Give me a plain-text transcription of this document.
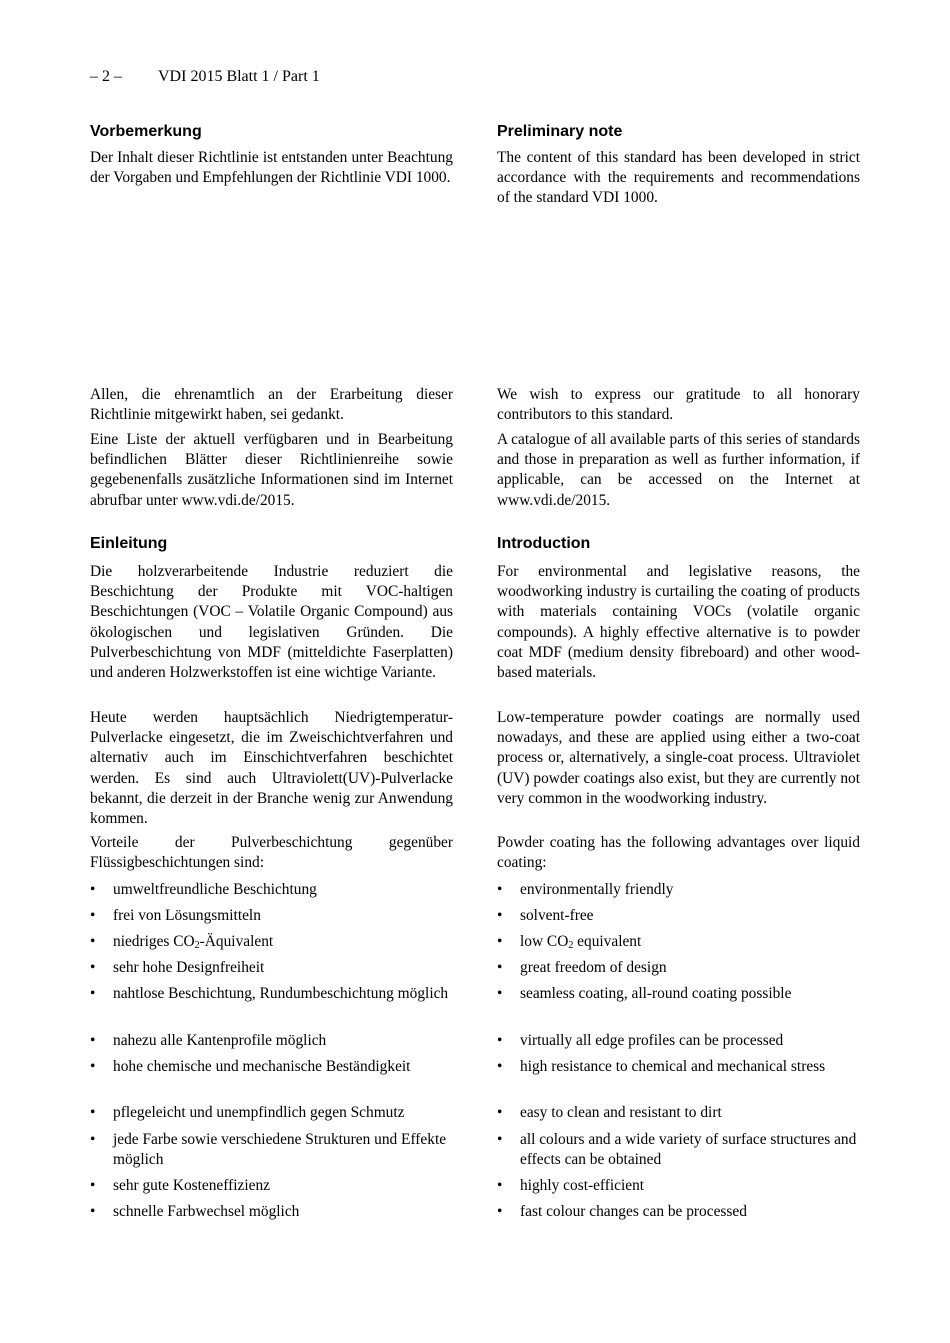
– 2 – VDI 2015 Blatt 1 / Part 1
Vorbemerkung

Der Inhalt dieser Richtlinie ist entstanden unter Beachtung der Vorgaben und Empfehlungen der Richtlinie VDI 1000.

Allen, die ehrenamtlich an der Erarbeitung dieser Richtlinie mitgewirkt haben, sei gedankt.

Eine Liste der aktuell verfügbaren und in Bearbeitung befindlichen Blätter dieser Richtlinienreihe sowie gegebenenfalls zusätzliche Informationen sind im Internet abrufbar unter www.vdi.de/2015.

Einleitung

Die holzverarbeitende Industrie reduziert die Beschichtung der Produkte mit VOC-haltigen Beschichtungen (VOC – Volatile Organic Compound) aus ökologischen und legislativen Gründen. Die Pulverbeschichtung von MDF (mitteldichte Faserplatten) und anderen Holzwerkstoffen ist eine wichtige Variante.

Heute werden hauptsächlich Niedrigtemperatur-Pulverlacke eingesetzt, die im Zweischichtverfahren und alternativ auch im Einschichtverfahren beschichtet werden. Es sind auch Ultraviolett(UV)-Pulverlacke bekannt, die derzeit in der Branche wenig zur Anwendung kommen.

Vorteile der Pulverbeschichtung gegenüber Flüssigbeschichtungen sind:

• umweltfreundliche Beschichtung
• frei von Lösungsmitteln
• niedriges $CO_2$-Äquivalent
• sehr hohe Designfreiheit
• nahtlose Beschichtung, Rundumbeschichtung möglich
• nahezu alle Kantenprofile möglich
• hohe chemische und mechanische Beständigkeit
• pflegeleicht und unempfindlich gegen Schmutz
• jede Farbe sowie verschiedene Strukturen und Effekte möglich
• sehr gute Kosteneffizienz
• schnelle Farbwechsel möglich
Preliminary note

The content of this standard has been developed in strict accordance with the requirements and recommendations of the standard VDI 1000.

We wish to express our gratitude to all honorary contributors to this standard.

A catalogue of all available parts of this series of standards and those in preparation as well as further information, if applicable, can be accessed on the Internet at www.vdi.de/2015.

Introduction

For environmental and legislative reasons, the woodworking industry is curtailing the coating of products with materials containing VOCs (volatile organic compounds). A highly effective alternative is to powder coat MDF (medium density fibreboard) and other wood-based materials.

Low-temperature powder coatings are normally used nowadays, and these are applied using either a two-coat process or, alternatively, a single-coat process. Ultraviolet (UV) powder coatings also exist, but they are currently not very common in the woodworking industry.

Powder coating has the following advantages over liquid coating:

• environmentally friendly
• solvent-free
• low $CO_2$ equivalent
• great freedom of design
• seamless coating, all-round coating possible
• virtually all edge profiles can be processed
• high resistance to chemical and mechanical stress
• easy to clean and resistant to dirt
• all colours and a wide variety of surface structures and effects can be obtained
• highly cost-efficient
• fast colour changes can be processed
